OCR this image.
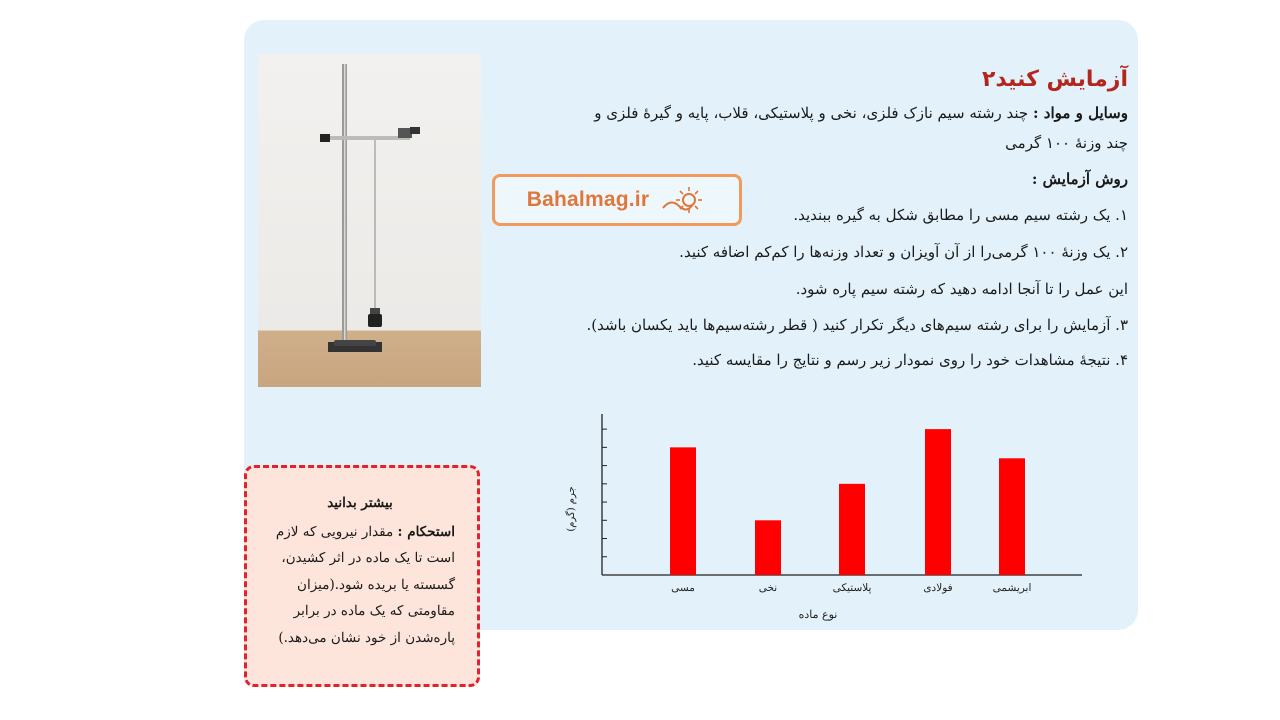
آزمایش کنید۲
وسایل و مواد : چند رشته سیم نازک فلزی، نخی و پلاستیکی، قلاب، پایه و گیرهٔ فلزی و
چند وزنهٔ ۱۰۰ گرمی
روش آزمایش :
۱. یک رشته سیم مسی را مطابق شکل به گیره ببندید.
۲. یک وزنهٔ ۱۰۰ گرمی‌را از آن آویزان و تعداد وزنه‌ها را کم‌کم اضافه کنید.
این عمل را تا آنجا ادامه دهید که رشته سیم پاره شود.
۳. آزمایش را برای رشته سیم‌های دیگر تکرار کنید ( قطر رشته‌سیم‌ها باید یکسان باشد).
۴. نتیجهٔ مشاهدات خود را روی نمودار زیر رسم و نتایج را مقایسه کنید.
Bahalmag.ir
مسی	نخی	پلاستیکی	فولادی	ابریشمی
جرم (گرم)
نوع ماده
بیشتر بدانید
استحکام : مقدار نیرویی که لازم
است تا یک ماده در اثر کشیدن،
گسسته یا بریده شود.(میزان
مقاومتی که یک ماده در برابر
پاره‌شدن از خود نشان می‌دهد.)
